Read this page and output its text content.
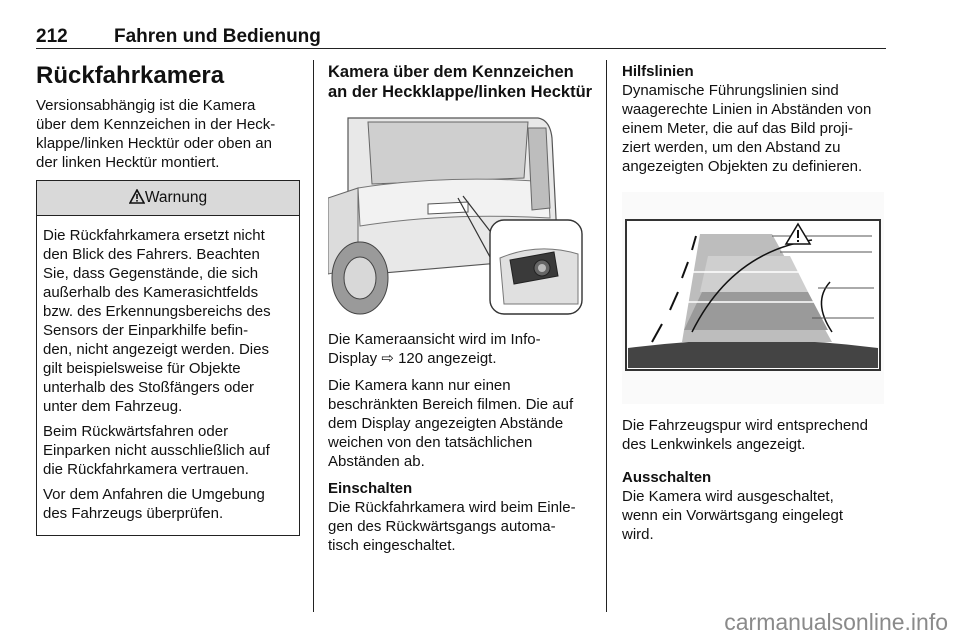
212 Fahren und Bedienung
Rückfahrkamera

Versionsabhängig ist die Kamera
über dem Kennzeichen in der Heck‐
klappe/linken Hecktür oder oben an
der linken Hecktür montiert.

Warnung

Die Rückfahrkamera ersetzt nicht
den Blick des Fahrers. Beachten
Sie, dass Gegenstände, die sich
außerhalb des Kamerasichtfelds
bzw. des Erkennungsbereichs des
Sensors der Einparkhilfe befin‐
den, nicht angezeigt werden. Dies
gilt beispielsweise für Objekte
unterhalb des Stoßfängers oder
unter dem Fahrzeug.

Beim Rückwärtsfahren oder
Einparken nicht ausschließlich auf
die Rückfahrkamera vertrauen.

Vor dem Anfahren die Umgebung
des Fahrzeugs überprüfen.

Kamera über dem Kennzeichen
an der Heckklappe/linken Hecktür

Die Kameraansicht wird im Info‐
Display ⇨ 120 angezeigt.

Die Kamera kann nur einen
beschränkten Bereich filmen. Die auf
dem Display angezeigten Abstände
weichen von den tatsächlichen
Abständen ab.

Einschalten
Die Rückfahrkamera wird beim Einle‐
gen des Rückwärtsgangs automa‐
tisch eingeschaltet.

Hilfslinien
Dynamische Führungslinien sind
waagerechte Linien in Abständen von
einem Meter, die auf das Bild proji‐
ziert werden, um den Abstand zu
angezeigten Objekten zu definieren.

Die Fahrzeugspur wird entsprechend
des Lenkwinkels angezeigt.

Ausschalten
Die Kamera wird ausgeschaltet,
wenn ein Vorwärtsgang eingelegt
wird.

carmanualsonline.info
